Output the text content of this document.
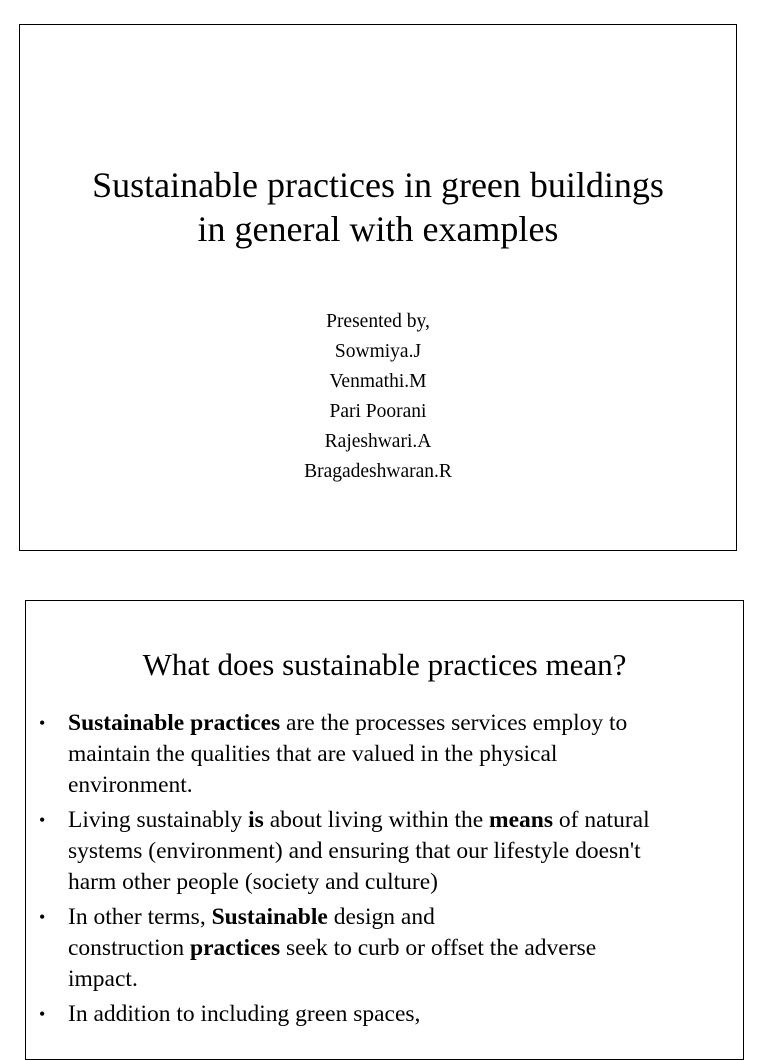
Sustainable practices in green buildings
in general with examples
Presented by,
Sowmiya.J
Venmathi.M
Pari Poorani
Rajeshwari.A
Bragadeshwaran.R
What does sustainable practices mean?
• Sustainable practices are the processes services employ to
maintain the qualities that are valued in the physical
environment.
• Living sustainably is about living within the means of natural
systems (environment) and ensuring that our lifestyle doesn't
harm other people (society and culture)
• In other terms, Sustainable design and
construction practices seek to curb or offset the adverse
impact.
• In addition to including green spaces,
